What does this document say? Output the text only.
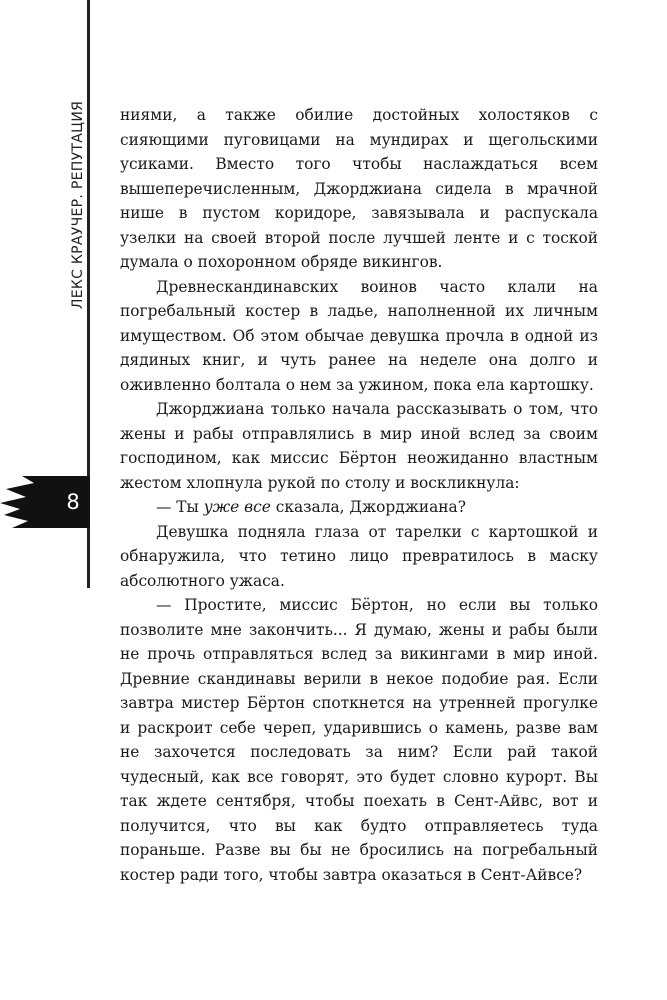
ЛЕКС КРАУЧЕР. РЕПУТАЦИЯ
8

ниями, а также обилие достойных холостяков с сияющими пуговицами на мундирах и щегольскими усиками. Вместо того чтобы наслаждаться всем вышеперечисленным, Джорджиана сидела в мрачной нише в пустом коридоре, завязывала и распускала узелки на своей второй после лучшей ленте и с тоской думала о похоронном обряде викингов.

Древнескандинавских воинов часто клали на погребальный костер в ладье, наполненной их личным имуществом. Об этом обычае девушка прочла в одной из дядиных книг, и чуть ранее на неделе она долго и оживленно болтала о нем за ужином, пока ела картошку.

Джорджиана только начала рассказывать о том, что жены и рабы отправлялись в мир иной вслед за своим господином, как миссис Бёртон неожиданно властным жестом хлопнула рукой по столу и воскликнула:

— Ты уже все сказала, Джорджиана?

Девушка подняла глаза от тарелки с картошкой и обнаружила, что тетино лицо превратилось в маску абсолютного ужаса.

— Простите, миссис Бёртон, но если вы только позволите мне закончить... Я думаю, жены и рабы были не прочь отправляться вслед за викингами в мир иной. Древние скандинавы верили в некое подобие рая. Если завтра мистер Бёртон споткнется на утренней прогулке и раскроит себе череп, ударившись о камень, разве вам не захочется последовать за ним? Если рай такой чудесный, как все говорят, это будет словно курорт. Вы так ждете сентября, чтобы поехать в Сент-Айвс, вот и получится, что вы как будто отправляетесь туда пораньше. Разве вы бы не бросились на погребальный костер ради того, чтобы завтра оказаться в Сент-Айвсе?
